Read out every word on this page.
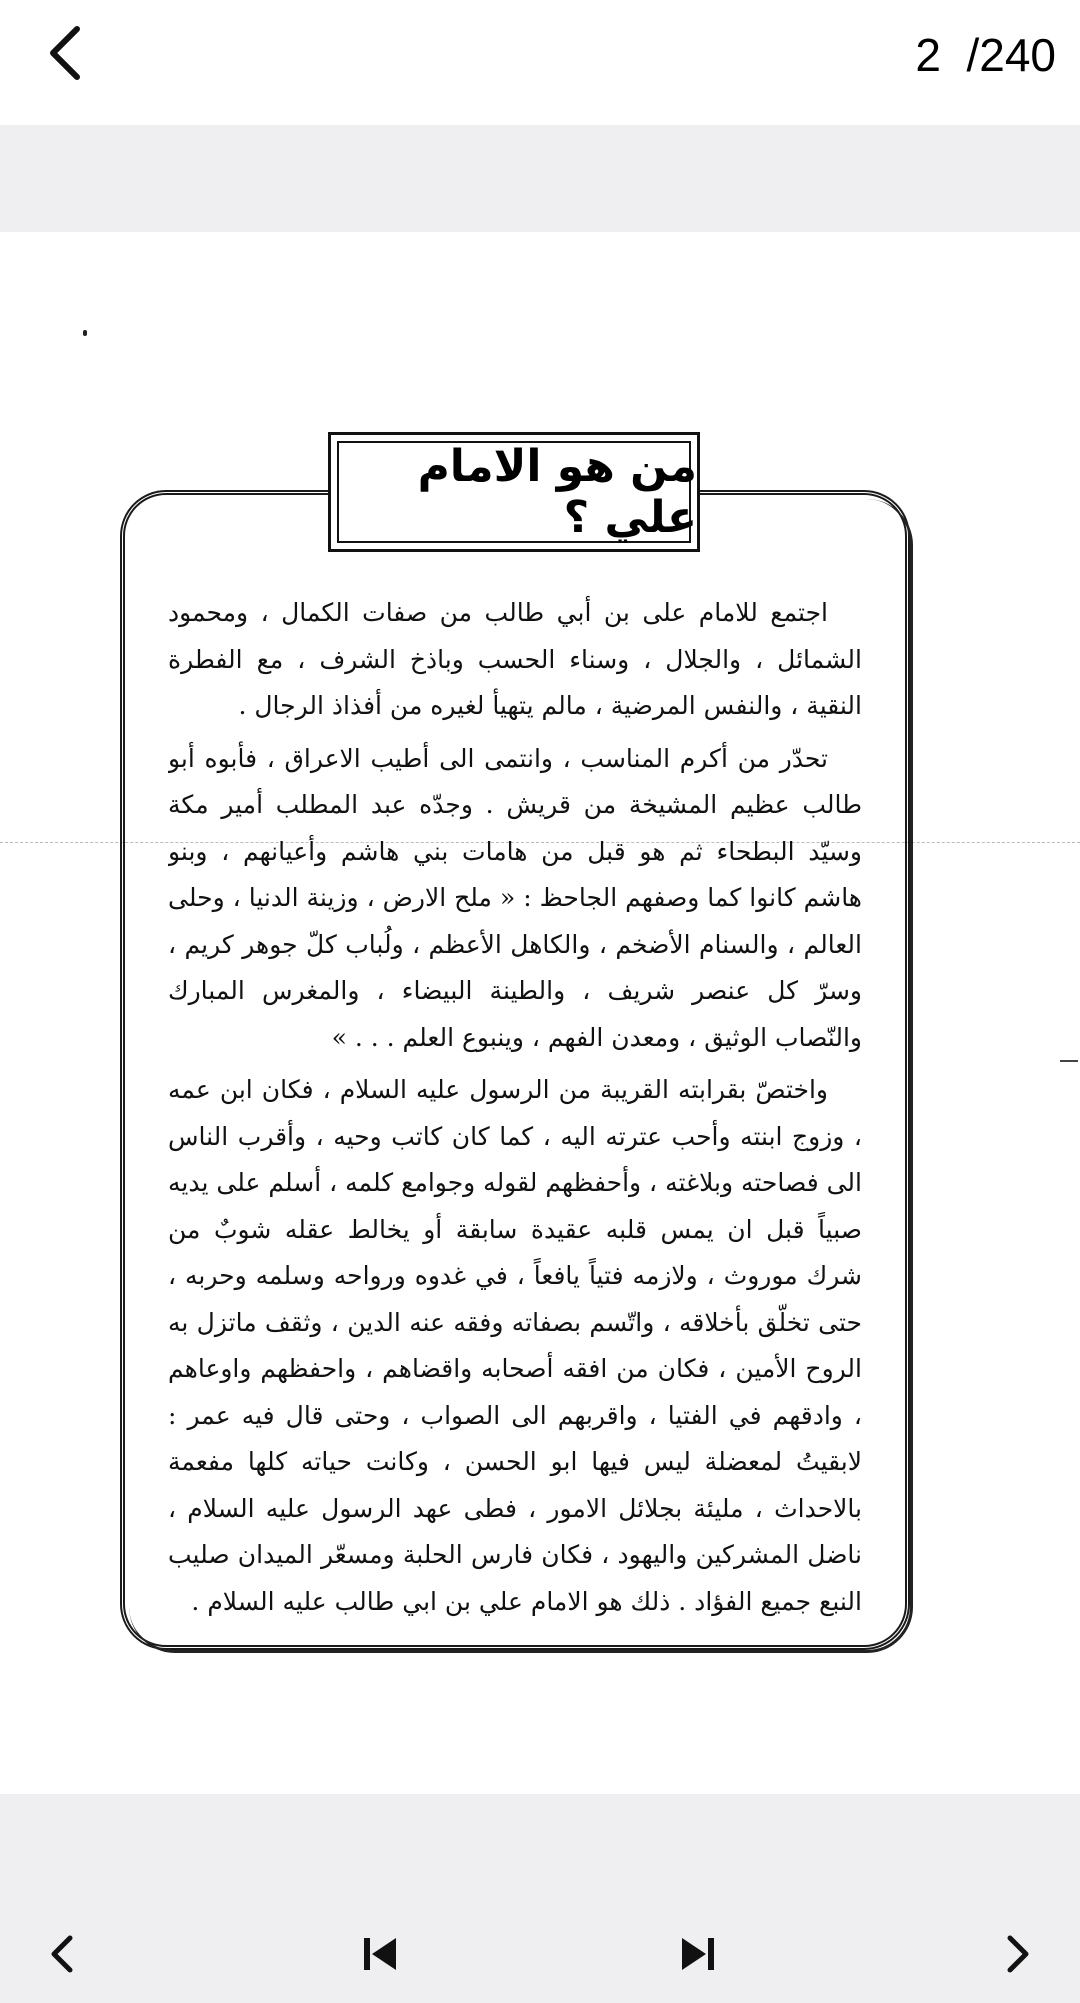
2  /240
من هو الامام علي ؟

اجتمع للامام على بن أبي طالب من صفات الكمال ، ومحمود الشمائل ، والجلال ، وسناء الحسب وباذخ الشرف ، مع الفطرة النقية ، والنفس المرضية ، مالم يتهيأ لغيره من أفذاذ الرجال .

تحدّر من أكرم المناسب ، وانتمى الى أطيب الاعراق ، فأبوه أبو طالب عظيم المشيخة من قريش . وجدّه عبد المطلب أمير مكة وسيّد البطحاء ثم هو قبل من هامات بني هاشم وأعيانهم ، وبنو هاشم كانوا كما وصفهم الجاحظ : « ملح الارض ، وزينة الدنيا ، وحلى العالم ، والسنام الأضخم ، والكاهل الأعظم ، ولُباب كلّ جوهر كريم ، وسرّ كل عنصر شريف ، والطينة البيضاء ، والمغرس المبارك والنّصاب الوثيق ، ومعدن الفهم ، وينبوع العلم . . . »

واختصّ بقرابته القريبة من الرسول عليه السلام ، فكان ابن عمه ، وزوج ابنته وأحب عترته اليه ، كما كان كاتب وحيه ، وأقرب الناس الى فصاحته وبلاغته ، وأحفظهم لقوله وجوامع كلمه ، أسلم على يديه صبياً قبل ان يمس قلبه عقيدة سابقة أو يخالط عقله شوبٌ من شرك موروث ، ولازمه فتياً يافعاً ، في غدوه ورواحه وسلمه وحربه ، حتى تخلّق بأخلاقه ، واتّسم بصفاته وفقه عنه الدين ، وثقف ماتزل به الروح الأمين ، فكان من افقه أصحابه واقضاهم ، واحفظهم واوعاهم ، وادقهم في الفتيا ، واقربهم الى الصواب ، وحتى قال فيه عمر : لابقيتُ لمعضلة ليس فيها ابو الحسن ، وكانت حياته كلها مفعمة بالاحداث ، مليئة بجلائل الامور ، فطى عهد الرسول عليه السلام ، ناضل المشركين واليهود ، فكان فارس الحلبة ومسعّر الميدان صليب النبع جميع الفؤاد . ذلك هو الامام علي بن ابي طالب عليه السلام .
